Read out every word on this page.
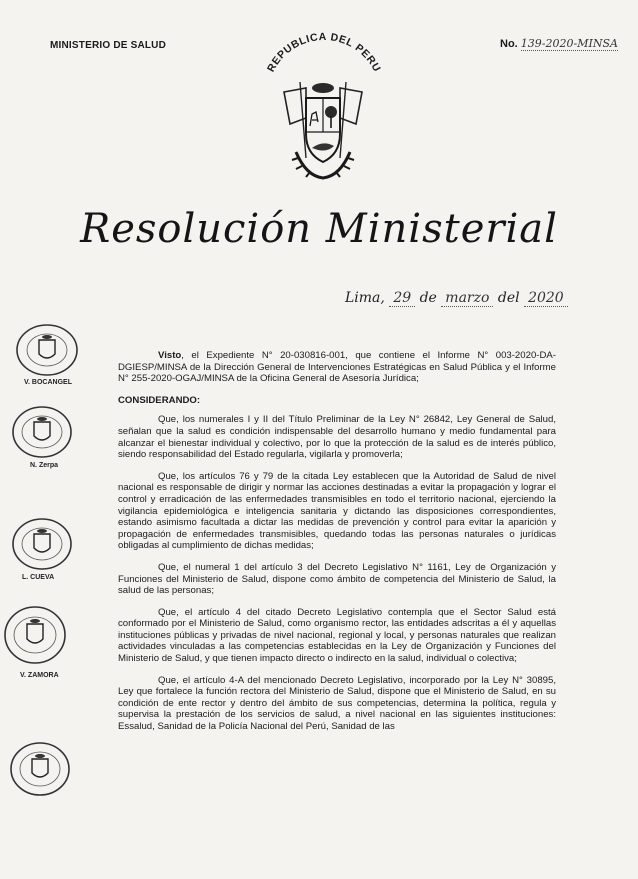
MINISTERIO DE SALUD	No. 139-2020-MINSA
REPUBLICA DEL PERU
Resolución Ministerial
Lima, 29 de marzo del 2020
V. BOCANGEL
N. Zerpa
L. CUEVA
V. ZAMORA

Visto, el Expediente N° 20-030816-001, que contiene el Informe N° 003-2020-DA-DGIESP/MINSA de la Dirección General de Intervenciones Estratégicas en Salud Pública y el Informe N° 255-2020-OGAJ/MINSA de la Oficina General de Asesoría Jurídica;

CONSIDERANDO:

Que, los numerales I y II del Título Preliminar de la Ley N° 26842, Ley General de Salud, señalan que la salud es condición indispensable del desarrollo humano y medio fundamental para alcanzar el bienestar individual y colectivo, por lo que la protección de la salud es de interés público, siendo responsabilidad del Estado regularla, vigilarla y promoverla;

Que, los artículos 76 y 79 de la citada Ley establecen que la Autoridad de Salud de nivel nacional es responsable de dirigir y normar las acciones destinadas a evitar la propagación y lograr el control y erradicación de las enfermedades transmisibles en todo el territorio nacional, ejerciendo la vigilancia epidemiológica e inteligencia sanitaria y dictando las disposiciones correspondientes, estando asimismo facultada a dictar las medidas de prevención y control para evitar la aparición y propagación de enfermedades transmisibles, quedando todas las personas naturales o jurídicas obligadas al cumplimiento de dichas medidas;

Que, el numeral 1 del artículo 3 del Decreto Legislativo N° 1161, Ley de Organización y Funciones del Ministerio de Salud, dispone como ámbito de competencia del Ministerio de Salud, la salud de las personas;

Que, el artículo 4 del citado Decreto Legislativo contempla que el Sector Salud está conformado por el Ministerio de Salud, como organismo rector, las entidades adscritas a él y aquellas instituciones públicas y privadas de nivel nacional, regional y local, y personas naturales que realizan actividades vinculadas a las competencias establecidas en la Ley de Organización y Funciones del Ministerio de Salud, y que tienen impacto directo o indirecto en la salud, individual o colectiva;

Que, el artículo 4-A del mencionado Decreto Legislativo, incorporado por la Ley N° 30895, Ley que fortalece la función rectora del Ministerio de Salud, dispone que el Ministerio de Salud, en su condición de ente rector y dentro del ámbito de sus competencias, determina la política, regula y supervisa la prestación de los servicios de salud, a nivel nacional en las siguientes instituciones: Essalud, Sanidad de la Policía Nacional del Perú, Sanidad de las
